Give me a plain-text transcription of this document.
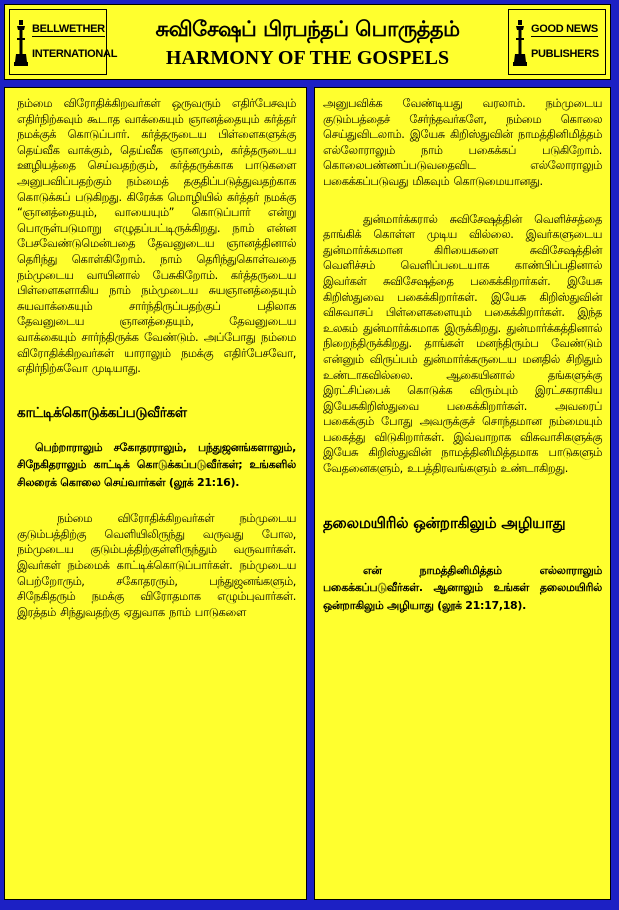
BELLWETHER
INTERNATIONAL
சுவிசேஷப் பிரபந்தப் பொருத்தம்
HARMONY OF THE GOSPELS
GOOD NEWS
PUBLISHERS

நம்மை விரோதிக்கிறவர்கள் ஒருவரும் எதிர்பேசவும் எதிர்நிற்கவும் கூடாத வாக்கையும் ஞானத்தையும் கர்த்தர் நமக்குக் கொடுப்பார். கர்த்தருடைய பிள்ளைகளுக்கு தெய்வீக வாக்கும், தெய்வீக ஞானமும், கர்த்தருடைய ஊழியத்தை செய்வதற்கும், கர்த்தருக்காக பாடுகளை அனுபவிப்பதற்கும் நம்மைத் தகுதிப்படுத்துவதற்காக கொடுக்கப் படுகிறது. கிரேக்க மொழியில் கர்த்தர் நமக்கு “ஞானத்தையும், வாயையும்” கொடுப்பார் என்று பொருள்படுமாறு எழுதப்பட்டிருக்கிறது. நாம் என்ன பேசவேண்டுமென்பதை தேவனுடைய ஞானத்தினால் தெரிந்து கொள்கிறோம். நாம் தெரிந்துகொள்வதை நம்முடைய வாயினால் பேசுகிறோம். கர்த்தருடைய பிள்ளைகளாகிய நாம் நம்முடைய சுயஞானத்தையும் சுயவாக்கையும் சார்ந்திருப்பதற்குப் பதிலாக தேவனுடைய ஞானத்தையும், தேவனுடைய வாக்கையும் சார்ந்திருக்க வேண்டும். அப்போது நம்மை விரோதிக்கிறவர்கள் யாராலும் நமக்கு எதிர்பேசவோ, எதிர்நிற்கவோ முடியாது.

காட்டிக்கொடுக்கப்படுவீர்கள்

பெற்றாராலும் சகோதரராலும், பந்துஜனங்களாலும், சிநேகிதராலும் காட்டிக் கொடுக்கப்படுவீர்கள்; உங்களில் சிலரைக் கொலை செய்வார்கள் (லூக் 21:16).

நம்மை விரோதிக்கிறவர்கள் நம்முடைய குடும்பத்திற்கு வெளியிலிருந்து வருவது போல, நம்முடைய குடும்பத்திற்குள்ளிருந்தும் வருவார்கள். இவர்கள் நம்மைக் காட்டிக்கொடுப்பார்கள். நம்முடைய பெற்றோரும், சகோதரரும், பந்துஜனங்களும், சிநேகிதரும் நமக்கு விரோதமாக எழும்புவார்கள். இரத்தம் சிந்துவதற்கு ஏதுவாக நாம் பாடுகளை

அனுபவிக்க வேண்டியது வரலாம். நம்முடைய குடும்பத்தைச் சேர்ந்தவர்களே, நம்மை கொலை செய்துவிடலாம். இயேசு கிறிஸ்துவின் நாமத்தினிமித்தம் எல்லோராலும் நாம் பகைக்கப் படுகிறோம். கொலைபண்ணப்படுவதைவிட எல்லோராலும் பகைக்கப்படுவது மிகவும் கொடுமையானது.

துன்மார்க்கரால் சுவிசேஷத்தின் வெளிச்சத்தை தாங்கிக் கொள்ள முடிய வில்லை. இவர்களுடைய துன்மார்க்கமான கிரியைகளை சுவிசேஷத்தின் வெளிச்சம் வெளிப்படையாக காண்பிப்பதினால் இவர்கள் சுவிசேஷத்தை பகைக்கிறார்கள். இயேசு கிறிஸ்துவை பகைக்கிறார்கள். இயேசு கிறிஸ்துவின் விசுவாசப் பிள்ளைகளையும் பகைக்கிறார்கள். இந்த உலகம் துன்மார்க்கமாக இருக்கிறது. துன்மார்க்கத்தினால் நிறைந்திருக்கிறது. தாங்கள் மனந்திரும்ப வேண்டும் என்னும் விருப்பம் துன்மார்க்கருடைய மனதில் சிறிதும் உண்டாகவில்லை. ஆகையினால் தங்களுக்கு இரட்சிப்பைக் கொடுக்க விரும்பும் இரட்சகராகிய இயேசுகிறிஸ்துவை பகைக்கிறார்கள். அவரைப் பகைக்கும் போது அவருக்குச் சொந்தமான நம்மையும் பகைத்து விடுகிறார்கள். இவ்வாறாக விசுவாசிகளுக்கு இயேசு கிறிஸ்துவின் நாமத்தினிமித்தமாக பாடுகளும் வேதனைகளும், உபத்திரவங்களும் உண்டாகிறது.

தலைமயிரில் ஒன்றாகிலும் அழியாது

என் நாமத்தினிமித்தம் எல்லாராலும் பகைக்கப்படுவீர்கள். ஆனாலும் உங்கள் தலைமயிரில் ஒன்றாகிலும் அழியாது (லூக் 21:17,18).
